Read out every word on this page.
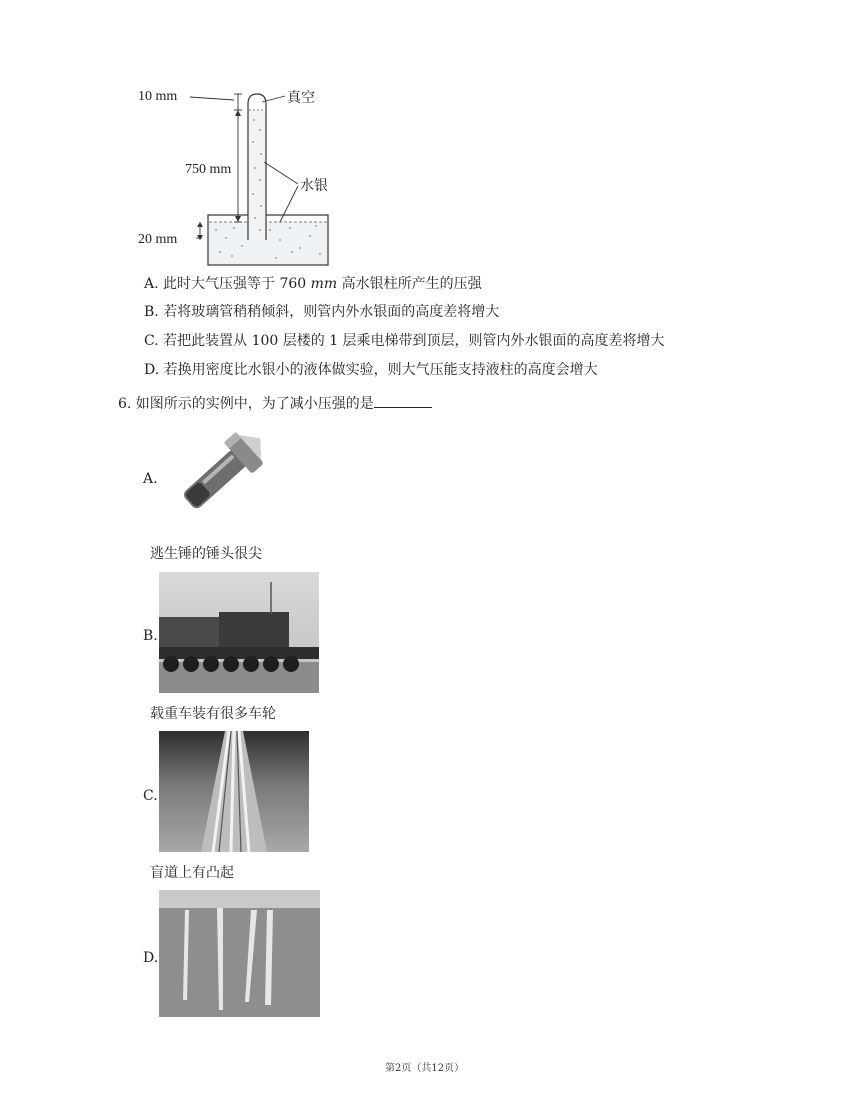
10 mm
750 mm
20 mm
真空
水银
A. 此时大气压强等于 760 mm 高水银柱所产生的压强
B. 若将玻璃管稍稍倾斜，则管内外水银面的高度差将增大
C. 若把此装置从 100 层楼的 1 层乘电梯带到顶层，则管内外水银面的高度差将增大
D. 若换用密度比水银小的液体做实验，则大气压能支持液柱的高度会增大
6. 如图所示的实例中，为了减小压强的是
A.
逃生锤的锤头很尖
B.
载重车装有很多车轮
C.
盲道上有凸起
D.
第2页（共12页）
